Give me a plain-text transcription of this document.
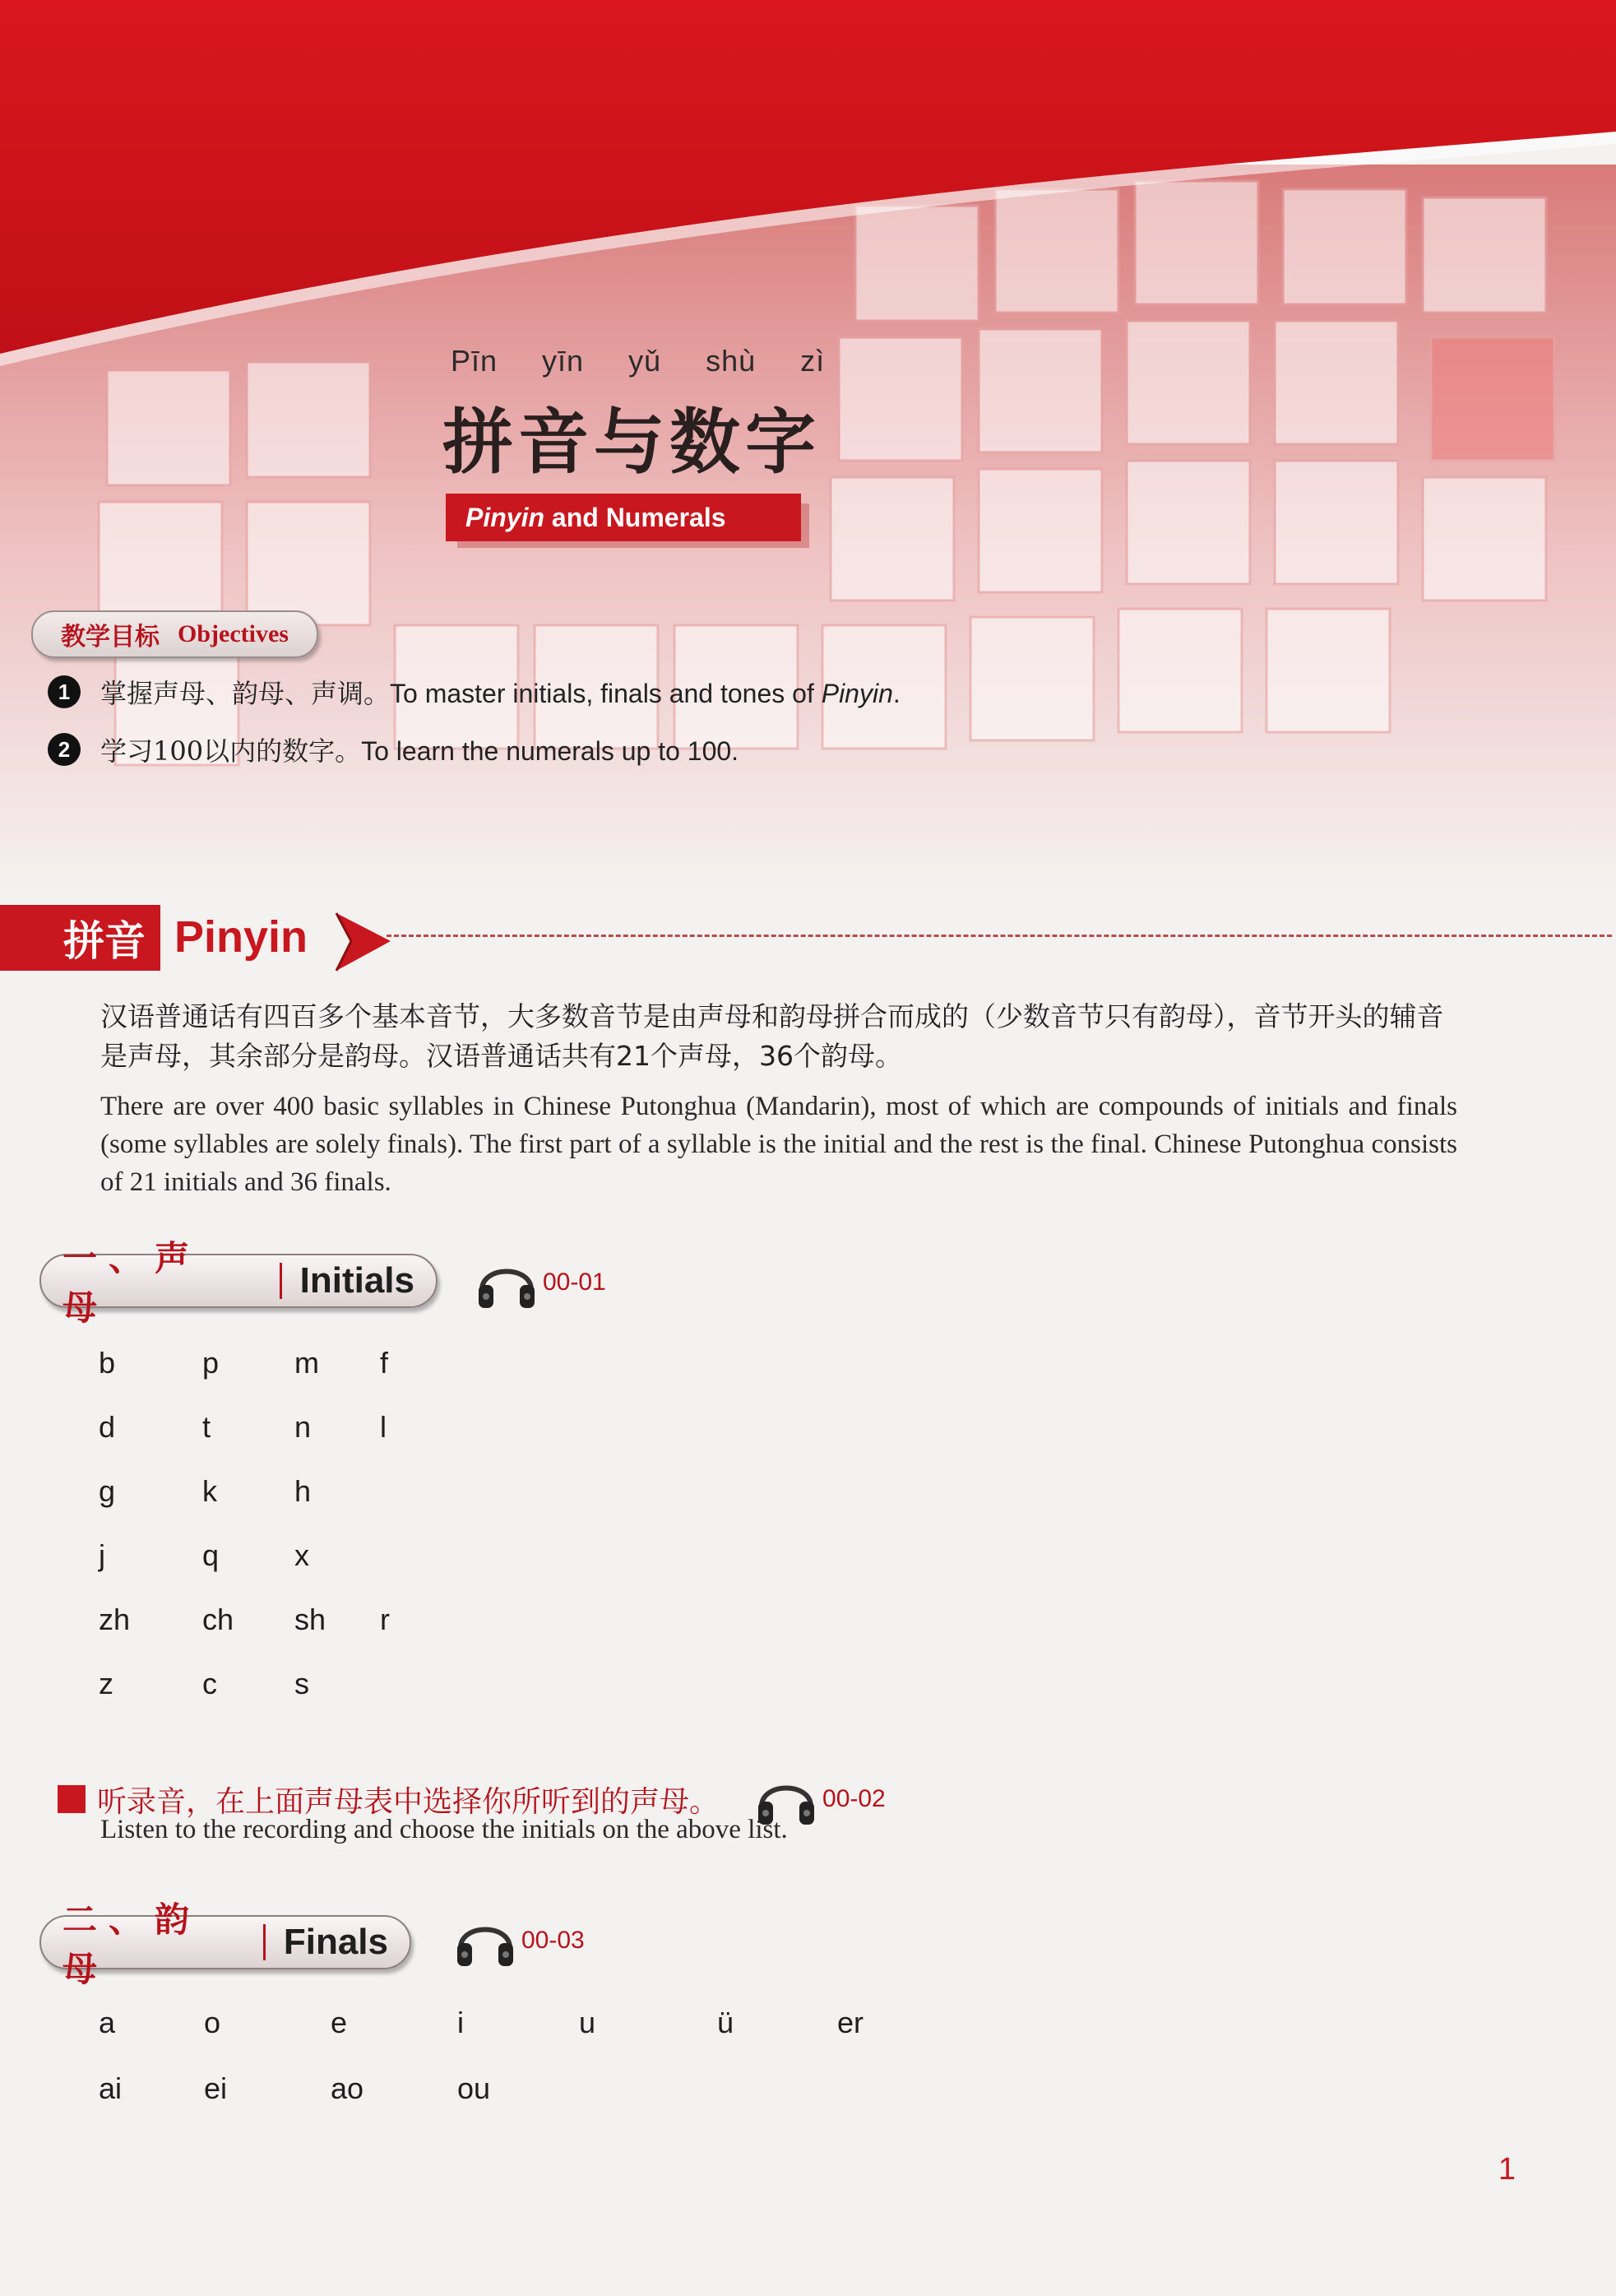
Pīn yīn yǔ shù zì
拼音与数字
Pinyin and Numerals
教学目标 Objectives
1	掌握声母、韵母、声调。To master initials, finals and tones of Pinyin.
2	学习100以内的数字。To learn the numerals up to 100.
拼音 Pinyin
汉语普通话有四百多个基本音节，大多数音节是由声母和韵母拼合而成的（少数音节只有韵母），音节开头的辅音是声母，其余部分是韵母。汉语普通话共有21个声母，36个韵母。
There are over 400 basic syllables in Chinese Putonghua (Mandarin), most of which are compounds of initials and finals (some syllables are solely finals). The first part of a syllable is the initial and the rest is the final. Chinese Putonghua consists of 21 initials and 36 finals.
一、声 母
Initials	00-01
b	p	m f
d	t	n l
g	k	h
j	q	x
zh ch sh r
z	c	s
听录音，在上面声母表中选择你所听到的声母。	00-02
Listen to the recording and choose the initials on the above list.
二、韵 母
Finals	00-03
a	o	e	i	u	ü	er
ai	ei	ao	ou
1
